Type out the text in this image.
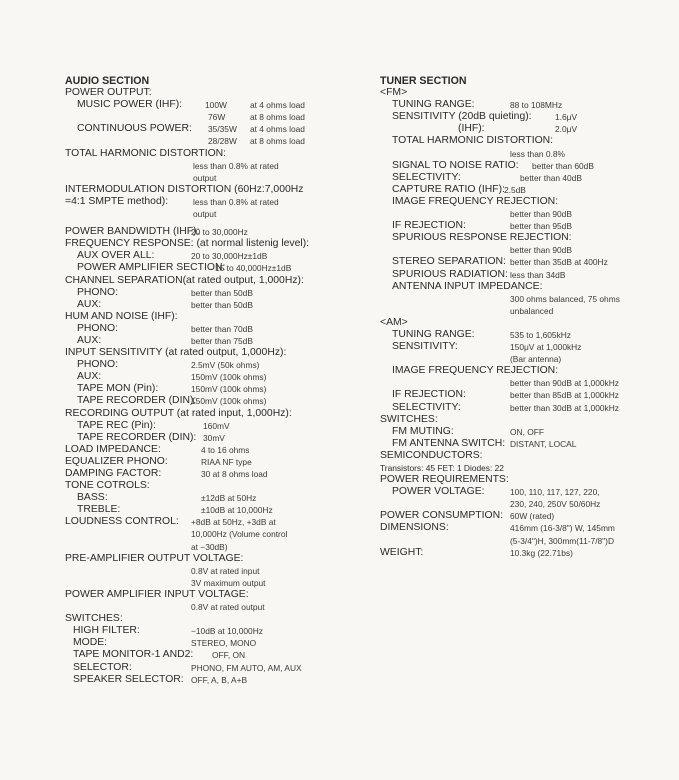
AUDIO SECTION
POWER OUTPUT:
MUSIC POWER (IHF):	100W	at 4 ohms load
76W	at 8 ohms load
CONTINUOUS POWER: 35/35W at 4 ohms load
28/28W at 8 ohms load
TOTAL HARMONIC DISTORTION:
less than 0.8% at rated
output
INTERMODULATION DISTORTION (60Hz:7,000Hz
=4:1 SMPTE method):	less than 0.8% at rated
output
POWER BANDWIDTH (IHF):
20 to 30,000Hz
FREQUENCY RESPONSE: (at normal listenig level):
AUX OVER ALL:	20 to 30,000Hz±1dB
POWER AMPLIFIER SECTION:
15 to 40,000Hz±1dB
CHANNEL SEPARATION(at rated output, 1,000Hz):
PHONO:	better than 50dB
AUX:	better than 50dB
HUM AND NOISE (IHF):
PHONO:	better than 70dB
AUX:	better than 75dB
INPUT SENSITIVITY (at rated output, 1,000Hz):
PHONO:	2.5mV (50k ohms)
AUX:	150mV (100k ohms)
TAPE MON (Pin):	150mV (100k ohms)
TAPE RECORDER (DIN):
150mV (100k ohms)
RECORDING OUTPUT (at rated input, 1,000Hz):
TAPE REC (Pin):	160mV
TAPE RECORDER (DIN): 30mV
LOAD IMPEDANCE:	4 to 16 ohms
EQUALIZER PHONO:	RIAA NF type
DAMPING FACTOR:	30 at 8 ohms load
TONE COTROLS:
BASS:	±12dB at 50Hz
TREBLE:	±10dB at 10,000Hz
LOUDNESS CONTROL: +8dB at 50Hz, +3dB at
10,000Hz (Volume control
at −30dB)
PRE-AMPLIFIER OUTPUT VOLTAGE:
0.8V at rated input
3V maximum output
POWER AMPLIFIER INPUT VOLTAGE:
0.8V at rated output
SWITCHES:
HIGH FILTER:	−10dB at 10,000Hz
MODE:	STEREO, MONO
TAPE MONITOR-1 AND2: OFF, ON
SELECTOR:	PHONO, FM AUTO, AM, AUX
SPEAKER SELECTOR: OFF, A, B, A+B
TUNER SECTION
<FM>
TUNING RANGE:	88 to 108MHz
SENSITIVITY (20dB quieting):	1.6μV
(IHF):	2.0μV
TOTAL HARMONIC DISTORTION:
less than 0.8%
SIGNAL TO NOISE RATIO: better than 60dB
SELECTIVITY:	better than 40dB
CAPTURE RATIO (IHF): 2.5dB
IMAGE FREQUENCY REJECTION:
better than 90dB
IF REJECTION:	better than 95dB
SPURIOUS RESPONSE REJECTION:
better than 90dB
STEREO SEPARATION: better than 35dB at 400Hz
SPURIOUS RADIATION: less than 34dB
ANTENNA INPUT IMPEDANCE:
300 ohms balanced, 75 ohms
unbalanced
<AM>
TUNING RANGE:	535 to 1,605kHz
SENSITIVITY:	150μV at 1,000kHz
(Bar antenna)
IMAGE FREQUENCY REJECTION:
better than 90dB at 1,000kHz
IF REJECTION:	better than 85dB at 1,000kHz
SELECTIVITY:	better than 30dB at 1,000kHz
SWITCHES:
FM MUTING:	ON, OFF
FM ANTENNA SWITCH: DISTANT, LOCAL
SEMICONDUCTORS:
Transistors: 45 FET: 1 Diodes: 22
POWER REQUIREMENTS:
POWER VOLTAGE:	100, 110, 117, 127, 220,
230, 240, 250V 50/60Hz
POWER CONSUMPTION: 60W (rated)
DIMENSIONS:	416mm (16-3/8") W, 145mm
(5-3/4")H, 300mm(11-7/8")D
WEIGHT:	10.3kg (22.71bs)
